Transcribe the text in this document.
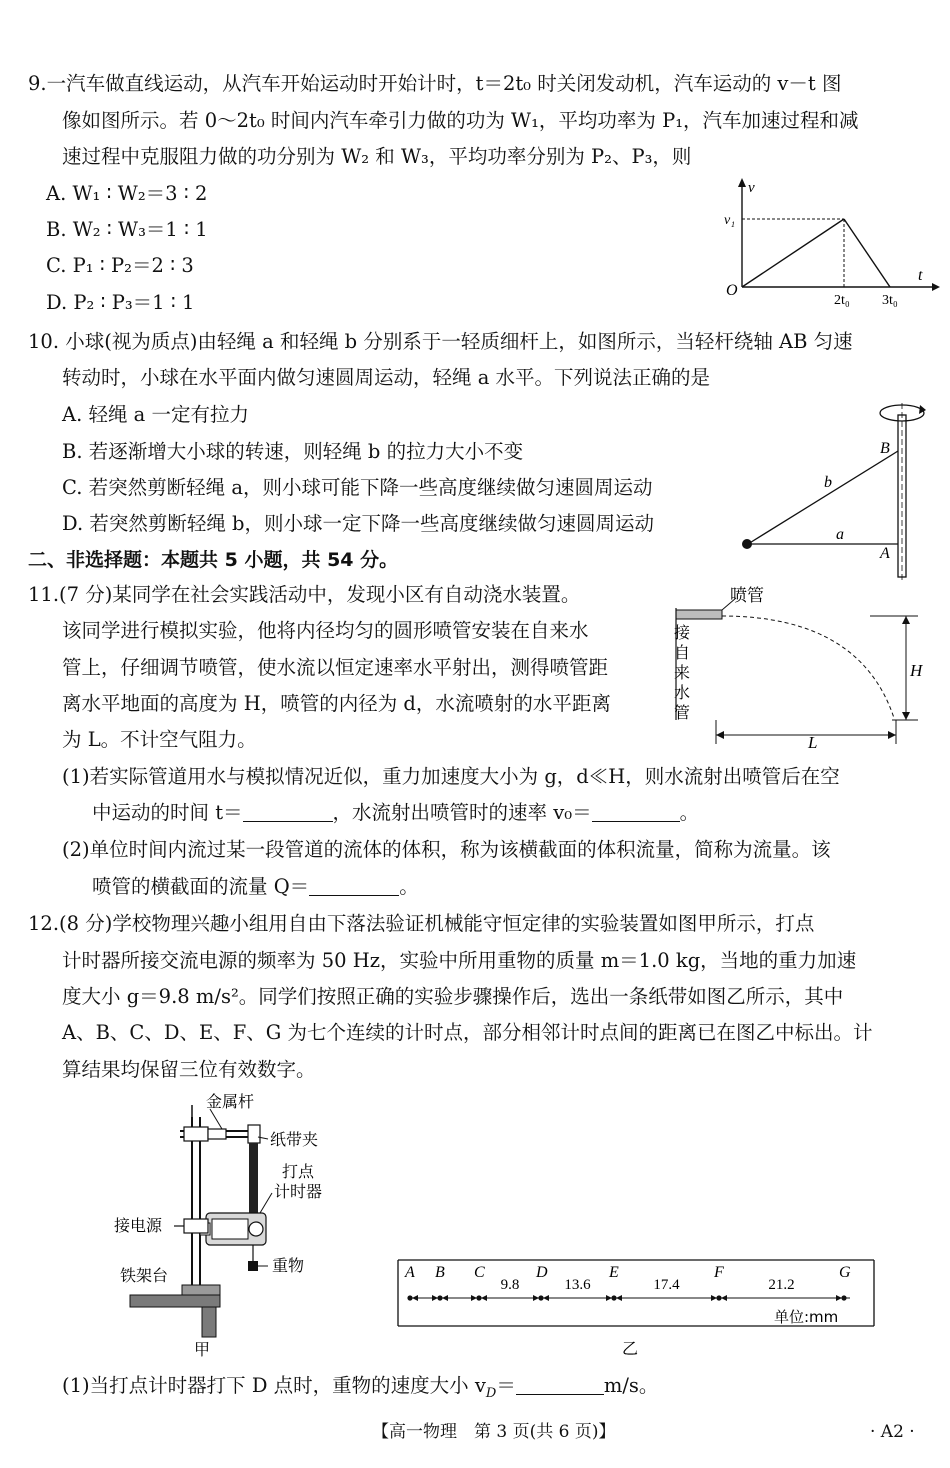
9.一汽车做直线运动，从汽车开始运动时开始计时，t＝2t₀ 时关闭发动机，汽车运动的 v－t 图
像如图所示。若 0～2t₀ 时间内汽车牵引力做的功为 W₁，平均功率为 P₁，汽车加速过程和减
速过程中克服阻力做的功分别为 W₂ 和 W₃，平均功率分别为 P₂、P₃，则
A. W₁ ∶ W₂＝3 ∶ 2
B. W₂ ∶ W₃＝1 ∶ 1
C. P₁ ∶ P₂＝2 ∶ 3
D. P₂ ∶ P₃＝1 ∶ 1
v
v₁
t
O
2t₀ 3t₀
10. 小球(视为质点)由轻绳 a 和轻绳 b 分别系于一轻质细杆上，如图所示，当轻杆绕轴 AB 匀速
转动时，小球在水平面内做匀速圆周运动，轻绳 a 水平。下列说法正确的是
A. 轻绳 a 一定有拉力
B. 若逐渐增大小球的转速，则轻绳 b 的拉力大小不变
C. 若突然剪断轻绳 a，则小球可能下降一些高度继续做匀速圆周运动
D. 若突然剪断轻绳 b，则小球一定下降一些高度继续做匀速圆周运动
B
A
b
a
二、非选择题：本题共 5 小题，共 54 分。
11.(7 分)某同学在社会实践活动中，发现小区有自动浇水装置。
该同学进行模拟实验，他将内径均匀的圆形喷管安装在自来水
管上，仔细调节喷管，使水流以恒定速率水平射出，测得喷管距
离水平地面的高度为 H，喷管的内径为 d，水流喷射的水平距离
为 L。不计空气阻力。
(1)若实际管道用水与模拟情况近似，重力加速度大小为 g，d≪H，则水流射出喷管后在空
中运动的时间 t＝	，水流射出喷管时的速率 v₀＝	。
(2)单位时间内流过某一段管道的流体的体积，称为该横截面的体积流量，简称为流量。该
喷管的横截面的流量 Q＝	。
喷管
接
自
来
水
管
H
L
12.(8 分)学校物理兴趣小组用自由下落法验证机械能守恒定律的实验装置如图甲所示，打点
计时器所接交流电源的频率为 50 Hz，实验中所用重物的质量 m＝1.0 kg，当地的重力加速
度大小 g＝9.8 m/s²。同学们按照正确的实验步骤操作后，选出一条纸带如图乙所示，其中
A、B、C、D、E、F、G 为七个连续的计时点，部分相邻计时点间的距离已在图乙中标出。计
算结果均保留三位有效数字。
金属杆
纸带夹
打点
计时器
接电源
铁架台
重物
甲
A B C	D	E	F	G
9.8	13.6	17.4	21.2
单位:mm
乙
(1)当打点计时器打下 D 点时，重物的速度大小 $v_D=$	m/s。
【高一物理　第 3 页(共 6 页)】	· A2 ·
